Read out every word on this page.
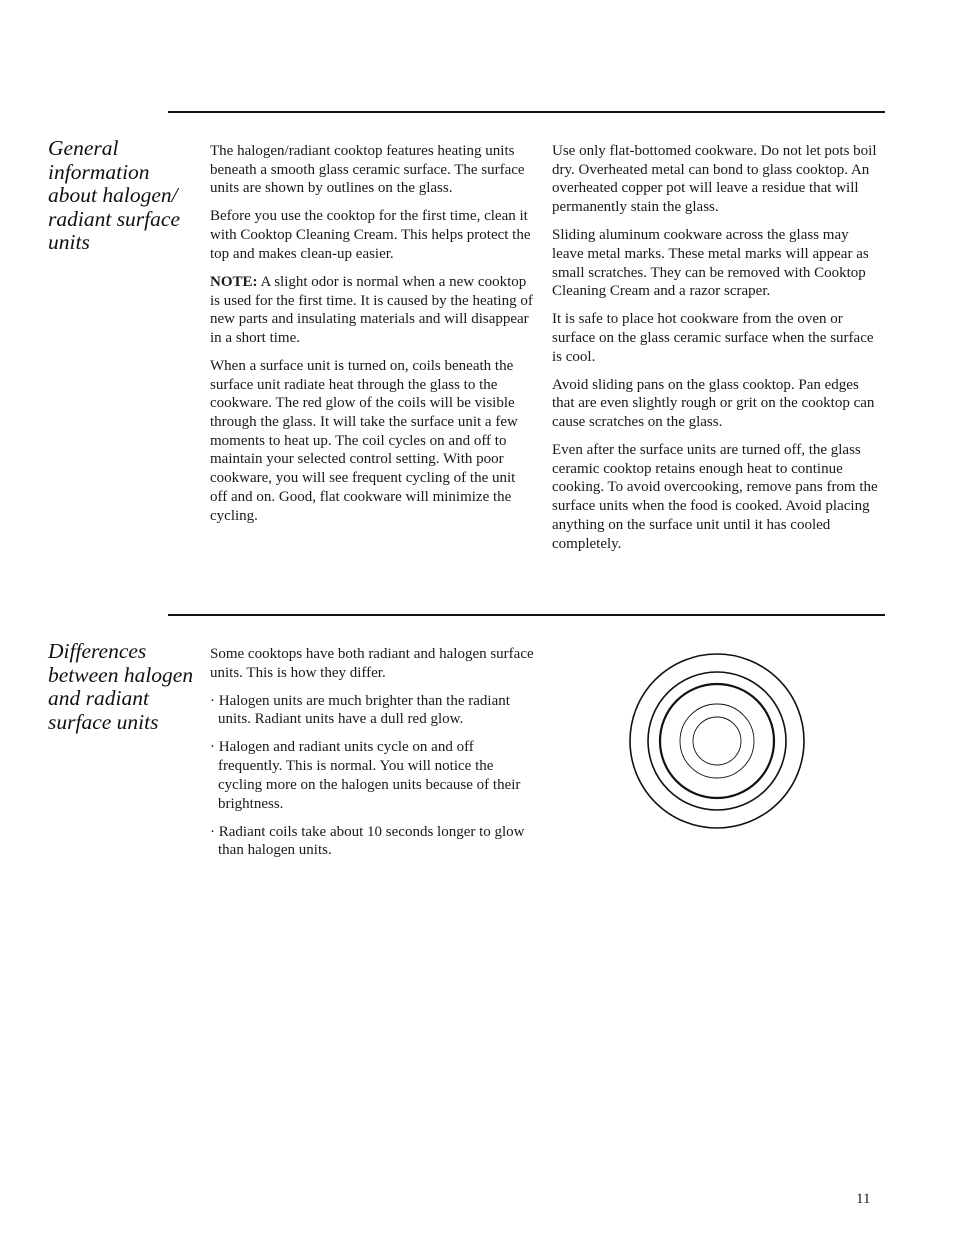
General information about halogen/ radiant surface units

The halogen/radiant cooktop features heating units beneath a smooth glass ceramic surface. The surface units are shown by outlines on the glass.

Before you use the cooktop for the first time, clean it with Cooktop Cleaning Cream. This helps protect the top and makes clean-up easier.

NOTE: A slight odor is normal when a new cooktop is used for the first time. It is caused by the heating of new parts and insulating materials and will disappear in a short time.

When a surface unit is turned on, coils beneath the surface unit radiate heat through the glass to the cookware. The red glow of the coils will be visible through the glass. It will take the surface unit a few moments to heat up. The coil cycles on and off to maintain your selected control setting. With poor cookware, you will see frequent cycling of the unit off and on. Good, flat cookware will minimize the cycling.

Use only flat-bottomed cookware. Do not let pots boil dry. Overheated metal can bond to glass cooktop. An overheated copper pot will leave a residue that will permanently stain the glass.

Sliding aluminum cookware across the glass may leave metal marks. These metal marks will appear as small scratches. They can be removed with Cooktop Cleaning Cream and a razor scraper.

It is safe to place hot cookware from the oven or surface on the glass ceramic surface when the surface is cool.

Avoid sliding pans on the glass cooktop. Pan edges that are even slightly rough or grit on the cooktop can cause scratches on the glass.

Even after the surface units are turned off, the glass ceramic cooktop retains enough heat to continue cooking. To avoid overcooking, remove pans from the surface units when the food is cooked. Avoid placing anything on the surface unit until it has cooled completely.

Differences between halogen and radiant surface units

Some cooktops have both radiant and halogen surface units. This is how they differ.

· Halogen units are much brighter than the radiant units. Radiant units have a dull red glow.

· Halogen and radiant units cycle on and off frequently. This is normal. You will notice the cycling more on the halogen units because of their brightness.

· Radiant coils take about 10 seconds longer to glow than halogen units.

11
